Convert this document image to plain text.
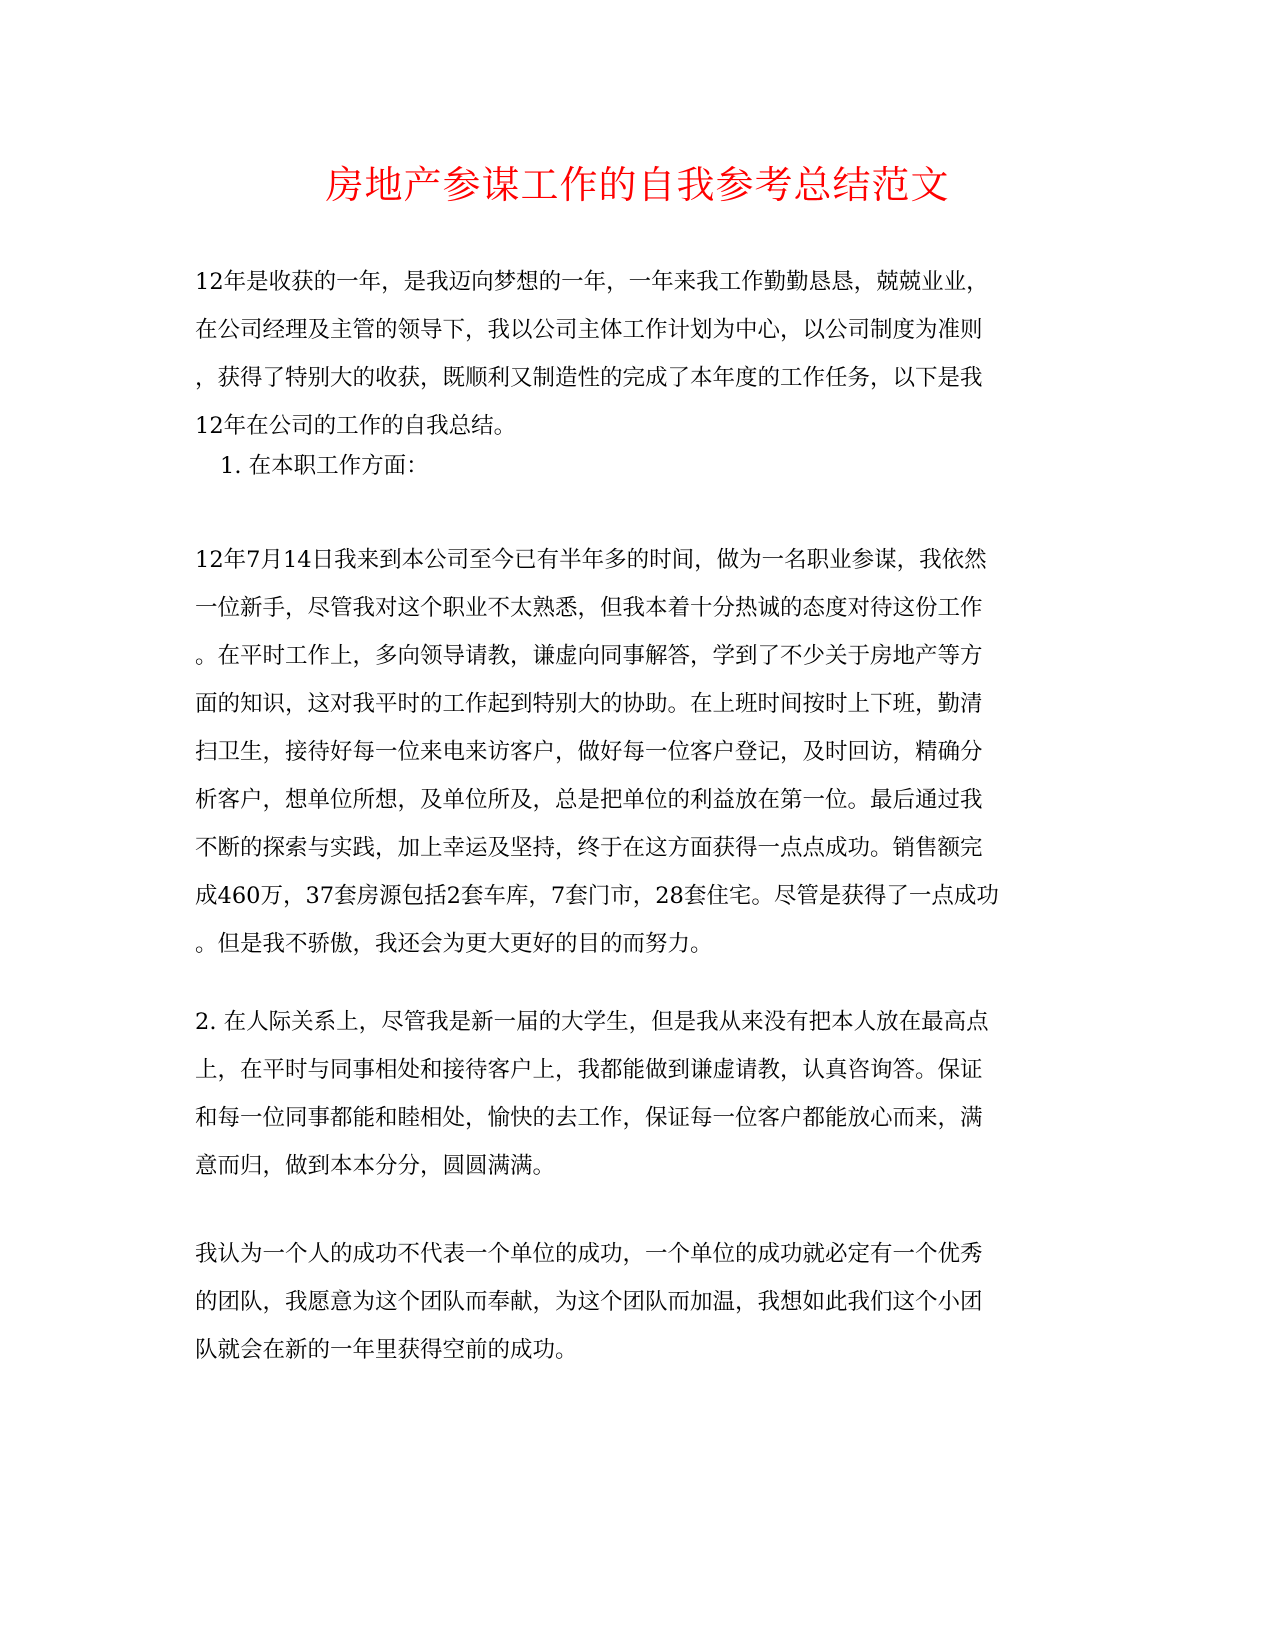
房地产参谋工作的自我参考总结范文
12年是收获的一年，是我迈向梦想的一年，一年来我工作勤勤恳恳，兢兢业业，
在公司经理及主管的领导下，我以公司主体工作计划为中心，以公司制度为准则
，获得了特别大的收获，既顺利又制造性的完成了本年度的工作任务，以下是我
12年在公司的工作的自我总结。
1. 在本职工作方面：
12年7月14日我来到本公司至今已有半年多的时间，做为一名职业参谋，我依然
一位新手，尽管我对这个职业不太熟悉，但我本着十分热诚的态度对待这份工作
。在平时工作上，多向领导请教，谦虚向同事解答，学到了不少关于房地产等方
面的知识，这对我平时的工作起到特别大的协助。在上班时间按时上下班，勤清
扫卫生，接待好每一位来电来访客户，做好每一位客户登记，及时回访，精确分
析客户，想单位所想，及单位所及，总是把单位的利益放在第一位。最后通过我
不断的探索与实践，加上幸运及坚持，终于在这方面获得一点点成功。销售额完
成460万，37套房源包括2套车库，7套门市，28套住宅。尽管是获得了一点成功
。但是我不骄傲，我还会为更大更好的目的而努力。
2. 在人际关系上，尽管我是新一届的大学生，但是我从来没有把本人放在最高点
上，在平时与同事相处和接待客户上，我都能做到谦虚请教，认真咨询答。保证
和每一位同事都能和睦相处，愉快的去工作，保证每一位客户都能放心而来，满
意而归，做到本本分分，圆圆满满。
我认为一个人的成功不代表一个单位的成功，一个单位的成功就必定有一个优秀
的团队，我愿意为这个团队而奉献，为这个团队而加温，我想如此我们这个小团
队就会在新的一年里获得空前的成功。
